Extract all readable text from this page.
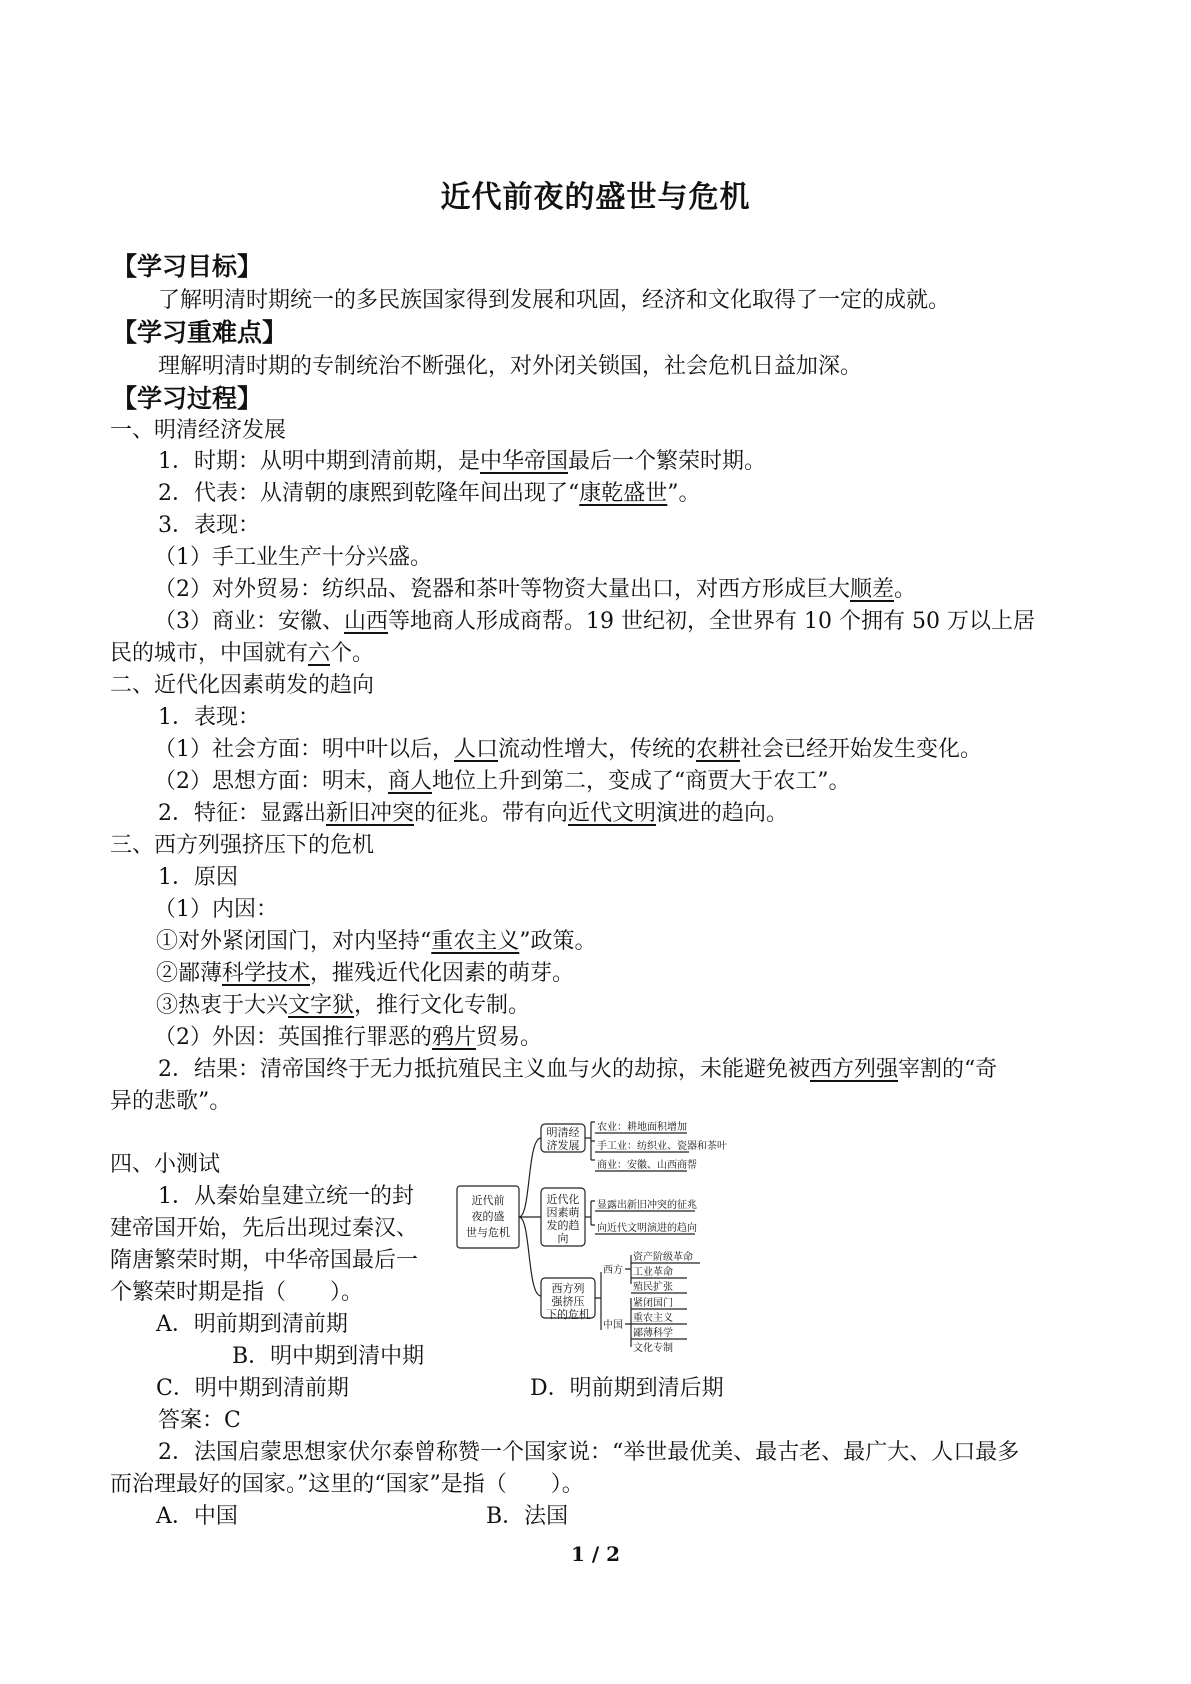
近代前夜的盛世与危机
【学习目标】
了解明清时期统一的多民族国家得到发展和巩固，经济和文化取得了一定的成就。
【学习重难点】
理解明清时期的专制统治不断强化，对外闭关锁国，社会危机日益加深。
【学习过程】
一、明清经济发展
1．时期：从明中期到清前期，是中华帝国最后一个繁荣时期。
2．代表：从清朝的康熙到乾隆年间出现了“康乾盛世”。
3．表现：
（1）手工业生产十分兴盛。
（2）对外贸易：纺织品、瓷器和茶叶等物资大量出口，对西方形成巨大顺差。
（3）商业：安徽、山西等地商人形成商帮。19 世纪初，全世界有 10 个拥有 50 万以上居
民的城市，中国就有六个。
二、近代化因素萌发的趋向
1．表现：
（1）社会方面：明中叶以后，人口流动性增大，传统的农耕社会已经开始发生变化。
（2）思想方面：明末，商人地位上升到第二，变成了“商贾大于农工”。
2．特征：显露出新旧冲突的征兆。带有向近代文明演进的趋向。
三、西方列强挤压下的危机
1．原因
（1）内因：
①对外紧闭国门，对内坚持“重农主义”政策。
②鄙薄科学技术，摧残近代化因素的萌芽。
③热衷于大兴文字狱，推行文化专制。
（2）外因：英国推行罪恶的鸦片贸易。
2．结果：清帝国终于无力抵抗殖民主义血与火的劫掠，未能避免被西方列强宰割的“奇
异的悲歌”。
四、小测试
1．从秦始皇建立统一的封
建帝国开始，先后出现过秦汉、
隋唐繁荣时期，中华帝国最后一
个繁荣时期是指（　　）。
A．明前期到清前期
B．明中期到清中期
C．明中期到清前期	D．明前期到清后期
答案：C
2．法国启蒙思想家伏尔泰曾称赞一个国家说：“举世最优美、最古老、最广大、人口最多
而治理最好的国家。”这里的“国家”是指（　　）。
A．中国	B．法国
近代前
夜的盛
世与危机
明清经
济发展
近代化
因素萌
发的趋
向
西方列
强挤压
下的危机
农业：耕地面积增加
手工业：纺织业、瓷器和茶叶
商业：安徽、山西商帮
显露出新旧冲突的征兆
向近代文明演进的趋向
西方
中国
资产阶级革命
工业革命
殖民扩张
紧闭国门
重农主义
鄙薄科学
文化专制
1 / 2
